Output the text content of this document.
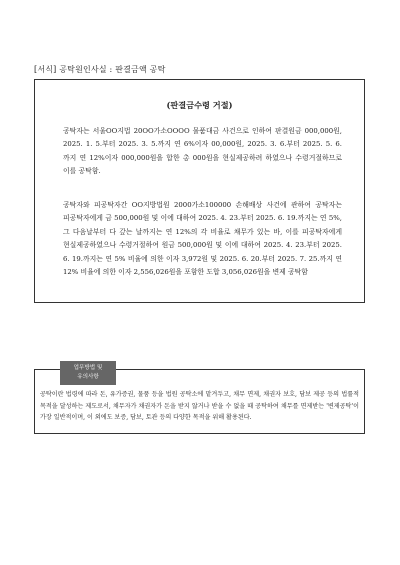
[서식] 공탁원인사실 : 판결금액 공탁
(판결금수령 거절)
공탁자는 서울OO지법 20OO가소OOOO 물품대금 사건으로 인하여 판결원금 000,000원, 2025. 1. 5.부터 2025. 3. 5.까지 연 6%이자 00,000원, 2025. 3. 6.부터 2025. 5. 6.까지 연 12%이자 000,000원을 합한 총 000원을 현실제공하려 하였으나 수령거절하므로 이를 공탁함.
공탁자와 피공탁자간 OO지방법원 2000가소100000 손해배상 사건에 관하여 공탁자는 피공탁자에게 금 500,000원 및 이에 대하여 2025. 4. 23.부터 2025. 6. 19.까지는 연 5%, 그 다음날부터 다 갚는 날까지는 연 12%의 각 비율로 채무가 있는 바, 이를 피공탁자에게 현실제공하였으나 수령거절하여 원금 500,000원 및 이에 대하여 2025. 4. 23.부터 2025. 6. 19.까지는 연 5% 비율에 의한 이자 3,972원 및 2025. 6. 20.부터 2025. 7. 25.까지 연 12% 비율에 의한 이자 2,556,026원을 포함한 도합 3,056,026원을 변제 공탁함
업무방법 및
유의사항
공탁이란 법령에 따라 돈, 유가증권, 물품 등을 법원 공탁소에 맡겨두고, 채무 면제, 채권자 보호, 담보 제공 등의 법률적 목적을 달성하는 제도로서, 채무자가 채권자가 돈을 받지 않거나 받을 수 없을 때 공탁하여 채무를 면제받는 '변제공탁'이 가장 일반적이며, 이 외에도 보증, 담보, 토관 등의 다양한 목적을 위해 활용된다.
